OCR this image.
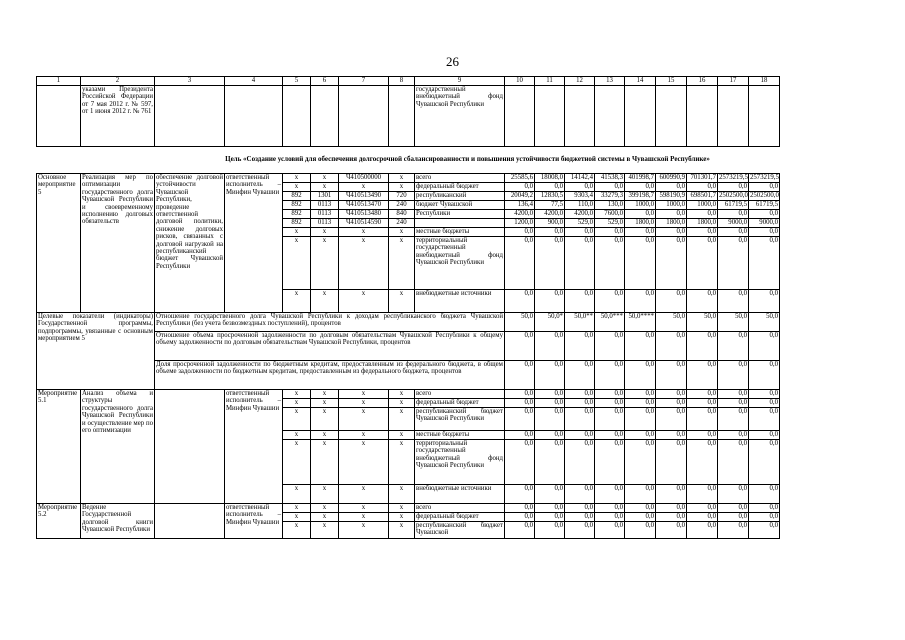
26
1	2	3	4	5	6	7	8	9	10	11	12	13	14	15	16	17	18
	указами Президента Российской Федерации от 7 мая 2012 г. № 597, от 1 июня 2012 г. № 761							государственный внебюджетный фонд Чувашской Республики									
Цель «Создание условий для обеспечения долгосрочной сбалансированности и повышения устойчивости бюджетной системы в Чувашской Республике»
Основное мероприятие 5	Реализация мер по оптимизации государственного долга Чувашской Республики и своевременному исполнению долговых обязательств	обеспечение долговой устойчивости Чувашской Республики, проведение ответственной долговой политики, снижение долговых рисков, связанных с долговой нагрузкой на республиканский бюджет Чувашской Республики	ответственный исполнитель – Минфин Чувашии	x	x	Ч410500000	x	всего	25585,6	18008,0	14142,4	41538,3	401998,7	600990,9	701301,7	2573219,5	2573219,5
				x	x	x	x	федеральный бюджет	0,0	0,0	0,0	0,0	0,0	0,0	0,0	0,0	0,0
				892	1301	Ч410513490	720	республиканский	20049,2	12830,5	9303,4	33279,3	399198,7	598190,9	698501,7	2502500,0	2502500,0
				892	0113	Ч410513470	240	бюджет Чувашской	136,4	77,5	110,0	130,0	1000,0	1000,0	1000,0	61719,5	61719,5
				892	0113	Ч410513480	840	Республики	4200,0	4200,0	4200,0	7600,0	0,0	0,0	0,0	0,0	0,0
				892	0113	Ч410514590	240		1200,0	900,0	529,0	529,0	1800,0	1800,0	1800,0	9000,0	9000,0
				x	x	x	x	местные бюджеты	0,0	0,0	0,0	0,0	0,0	0,0	0,0	0,0	0,0
				x	x	x	x	территориальный государственный внебюджетный фонд Чувашской Республики	0,0	0,0	0,0	0,0	0,0	0,0	0,0	0,0	0,0
				x	x	x	x	внебюджетные источники	0,0	0,0	0,0	0,0	0,0	0,0	0,0	0,0	0,0
Целевые показатели (индикаторы) Государственной программы, подпрограммы, увязанные с основным мероприятием 5		Отношение государственного долга Чувашской Республики к доходам республиканского бюджета Чувашской Республики (без учета безвозмездных поступлений), процентов							50,0	50,0*	50,0**	50,0***	50,0****	50,0	50,0	50,0	50,0
		Отношение объема просроченной задолженности по долговым обязательствам Чувашской Республики к общему объему задолженности по долговым обязательствам Чувашской Республики, процентов							0,0	0,0	0,0	0,0	0,0	0,0	0,0	0,0	0,0
		Доля просроченной задолженности по бюджетным кредитам, предоставленным из федерального бюджета, в общем объеме задолженности по бюджетным кредитам, предоставленным из федерального бюджета, процентов							0,0	0,0	0,0	0,0	0,0	0,0	0,0	0,0	0,0
Мероприятие 5.1	Анализ объема и структуры государственного долга Чувашской Республики и осуществление мер по его оптимизации		ответственный исполнитель – Минфин Чувашии	x	x	x	x	всего	0,0	0,0	0,0	0,0	0,0	0,0	0,0	0,0	0,0
				x	x	x	x	федеральный бюджет	0,0	0,0	0,0	0,0	0,0	0,0	0,0	0,0	0,0
				x	x	x	x	республиканский бюджет Чувашской Республики	0,0	0,0	0,0	0,0	0,0	0,0	0,0	0,0	0,0
				x	x	x	x	местные бюджеты	0,0	0,0	0,0	0,0	0,0	0,0	0,0	0,0	0,0
				x	x	x	x	территориальный государственный внебюджетный фонд Чувашской Республики	0,0	0,0	0,0	0,0	0,0	0,0	0,0	0,0	0,0
				x	x	x	x	внебюджетные источники	0,0	0,0	0,0	0,0	0,0	0,0	0,0	0,0	0,0
Мероприятие 5.2	Ведение Государственной долговой книги Чувашской Республики		ответственный исполнитель – Минфин Чувашии	x	x	x	x	всего	0,0	0,0	0,0	0,0	0,0	0,0	0,0	0,0	0,0
				x	x	x	x	федеральный бюджет	0,0	0,0	0,0	0,0	0,0	0,0	0,0	0,0	0,0
				x	x	x	x	республиканский бюджет Чувашской	0,0	0,0	0,0	0,0	0,0	0,0	0,0	0,0	0,0
